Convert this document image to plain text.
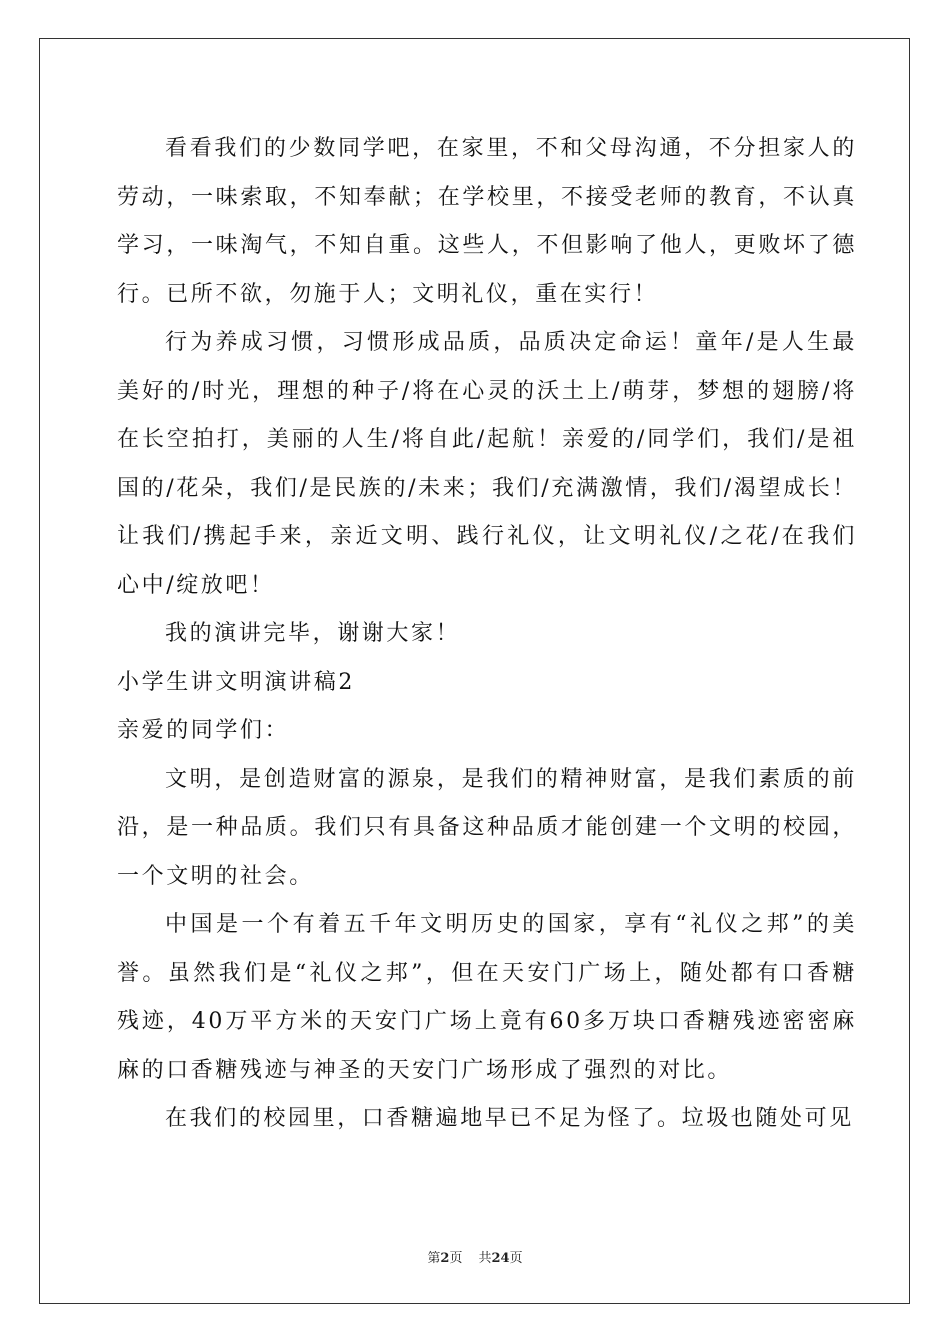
看看我们的少数同学吧，在家里，不和父母沟通，不分担家人的劳动，一味索取，不知奉献；在学校里，不接受老师的教育，不认真学习，一味淘气，不知自重。这些人，不但影响了他人，更败坏了德行。已所不欲，勿施于人；文明礼仪，重在实行！

行为养成习惯，习惯形成品质，品质决定命运！童年/是人生最美好的/时光，理想的种子/将在心灵的沃土上/萌芽，梦想的翅膀/将在长空拍打，美丽的人生/将自此/起航！亲爱的/同学们，我们/是祖国的/花朵，我们/是民族的/未来；我们/充满激情，我们/渴望成长！让我们/携起手来，亲近文明、践行礼仪，让文明礼仪/之花/在我们心中/绽放吧！

我的演讲完毕，谢谢大家！

小学生讲文明演讲稿2

亲爱的同学们：

文明，是创造财富的源泉，是我们的精神财富，是我们素质的前沿，是一种品质。我们只有具备这种品质才能创建一个文明的校园，一个文明的社会。

中国是一个有着五千年文明历史的国家，享有“礼仪之邦”的美誉。虽然我们是“礼仪之邦”，但在天安门广场上，随处都有口香糖残迹，40万平方米的天安门广场上竟有60多万块口香糖残迹密密麻麻的口香糖残迹与神圣的天安门广场形成了强烈的对比。

在我们的校园里，口香糖遍地早已不足为怪了。垃圾也随处可见

第2页 共24页
